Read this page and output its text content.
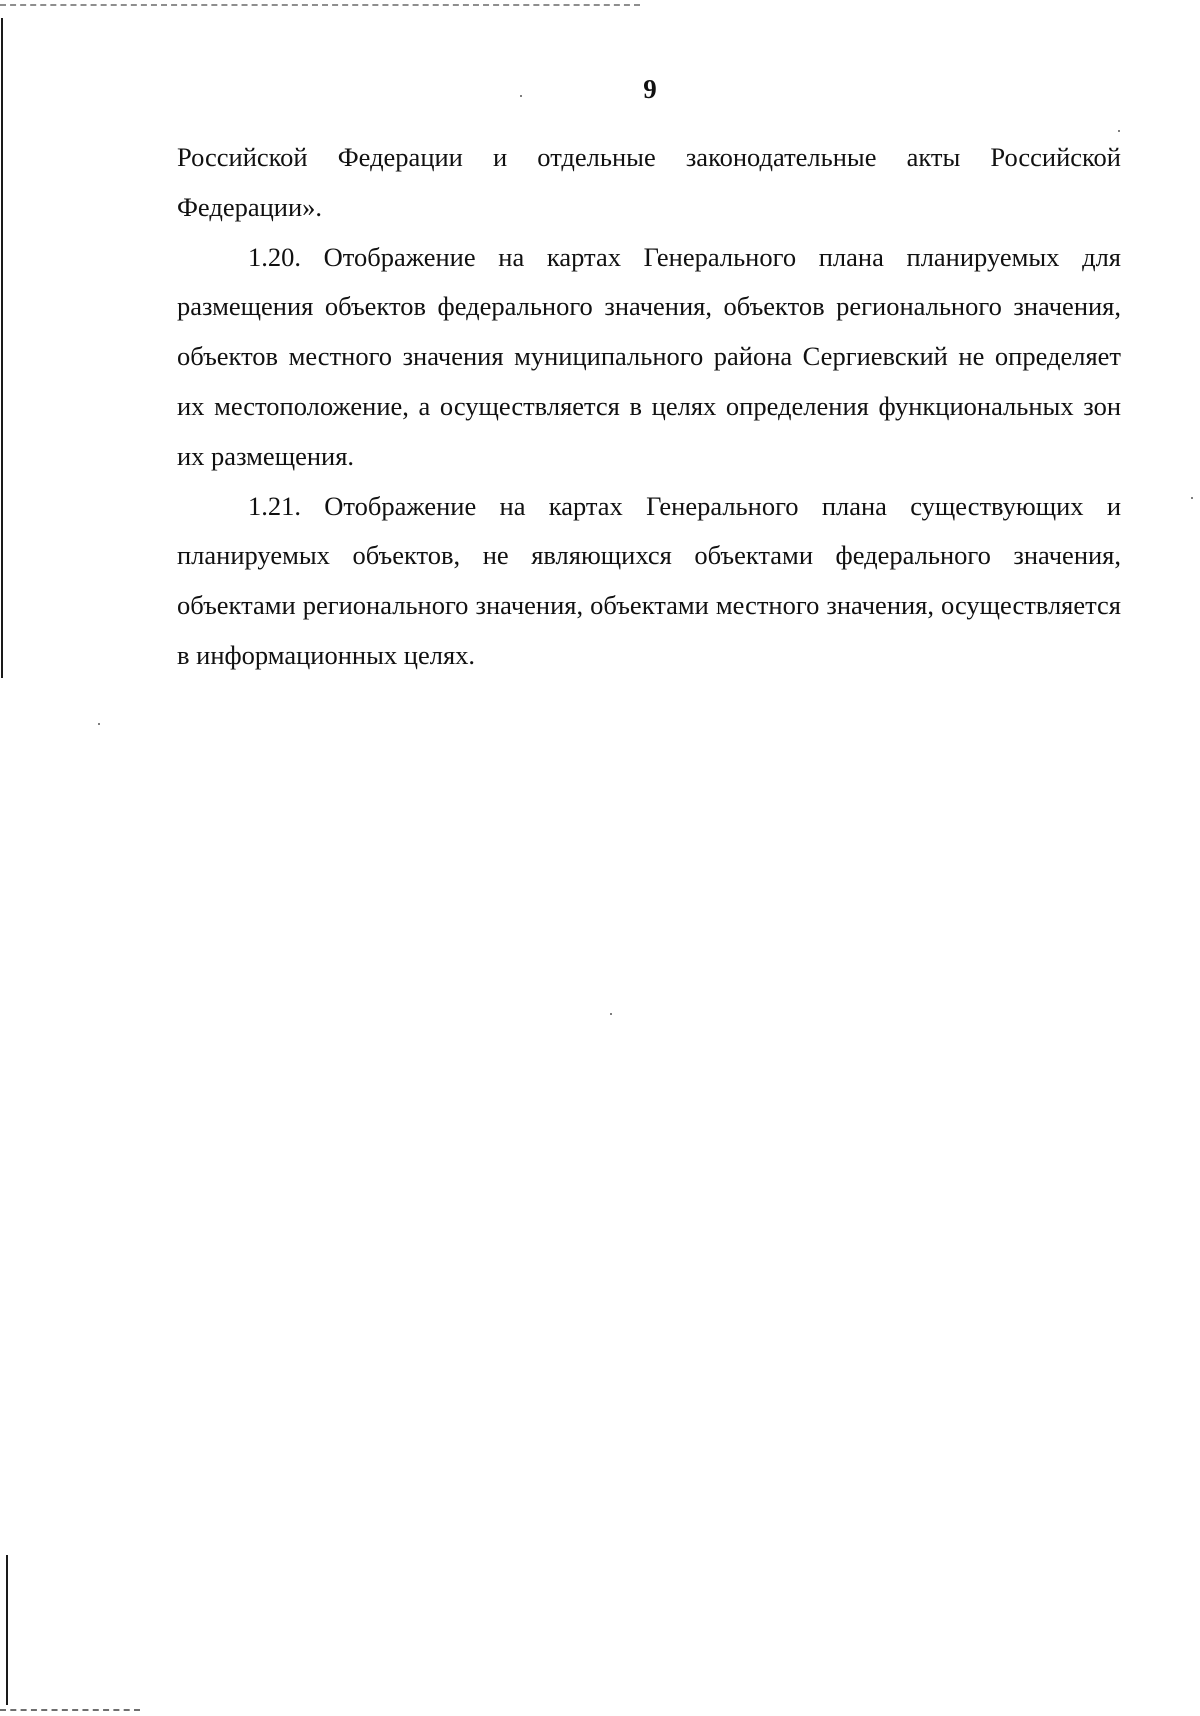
9

Российской Федерации и отдельные законодательные акты Российской Федерации».

1.20. Отображение на картах Генерального плана планируемых для размещения объектов федерального значения, объектов регионального значения, объектов местного значения муниципального района Сергиевский не определяет их местоположение, а осуществляется в целях определения функциональных зон их размещения.

1.21. Отображение на картах Генерального плана существующих и планируемых объектов, не являющихся объектами федерального значения, объектами регионального значения, объектами местного значения, осуществляется в информационных целях.
